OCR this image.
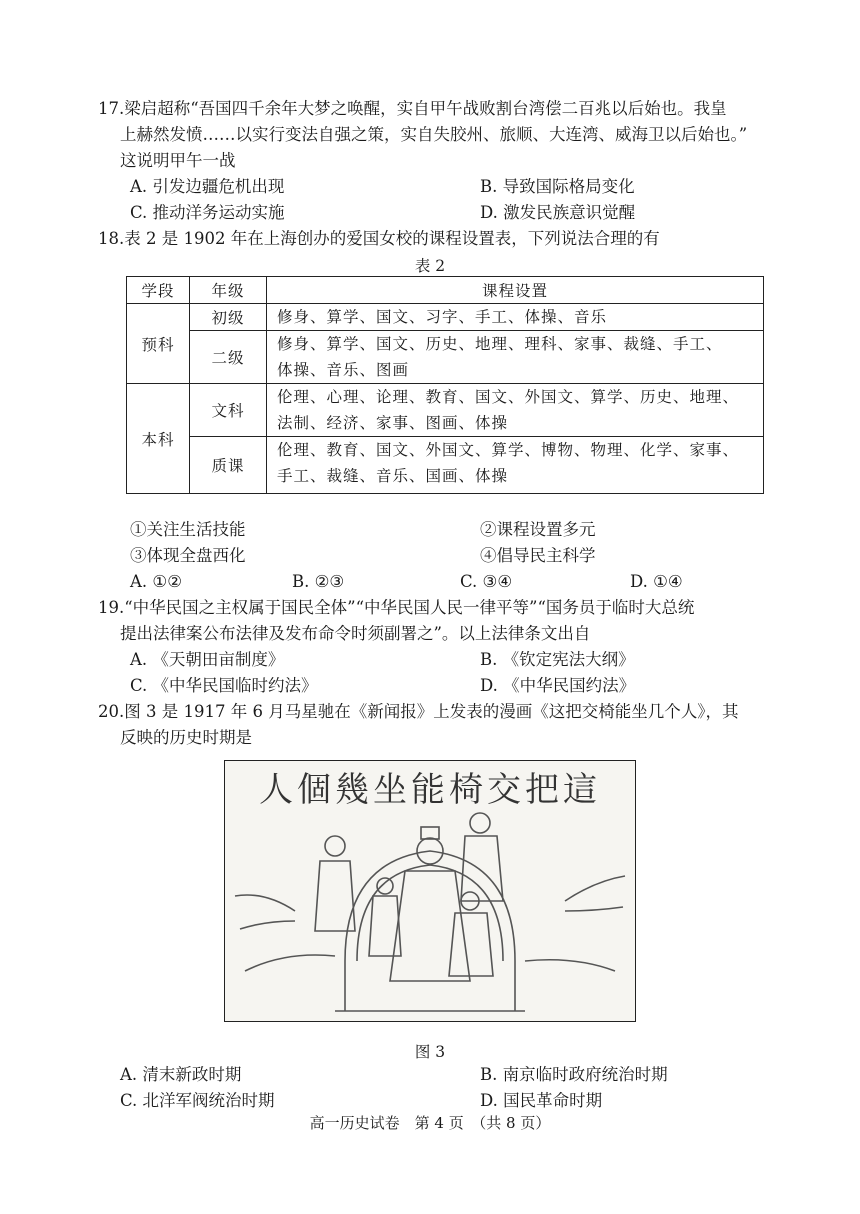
17.梁启超称“吾国四千余年大梦之唤醒，实自甲午战败割台湾偿二百兆以后始也。我皇
上赫然发愤……以实行变法自强之策，实自失胶州、旅顺、大连湾、威海卫以后始也。”
这说明甲午一战
A. 引发边疆危机出现	B. 导致国际格局变化
C. 推动洋务运动实施	D. 激发民族意识觉醒
18.表 2 是 1902 年在上海创办的爱国女校的课程设置表，下列说法合理的有
表 2
学段	年级	课程设置
预科	初级	修身、算学、国文、习字、手工、体操、音乐

	二级	修身、算学、国文、历史、地理、理科、家事、裁缝、手工、
体操、音乐、图画

本科	文科	伦理、心理、论理、教育、国文、外国文、算学、历史、地理、
法制、经济、家事、图画、体操

	质课	伦理、教育、国文、外国文、算学、博物、物理、化学、家事、
手工、裁缝、音乐、国画、体操
①关注生活技能	②课程设置多元
③体现全盘西化	④倡导民主科学
A. ①②	B. ②③	C. ③④	D. ①④
19.“中华民国之主权属于国民全体”“中华民国人民一律平等”“国务员于临时大总统
提出法律案公布法律及发布命令时须副署之”。以上法律条文出自
A. 《天朝田亩制度》	B. 《钦定宪法大纲》
C. 《中华民国临时约法》	D. 《中华民国约法》
20.图 3 是 1917 年 6 月马星驰在《新闻报》上发表的漫画《这把交椅能坐几个人》，其
反映的历史时期是
人個幾坐能椅交把這
图 3
A. 清末新政时期	B. 南京临时政府统治时期
C. 北洋军阀统治时期	D. 国民革命时期
高一历史试卷　第 4 页　（共 8 页）
